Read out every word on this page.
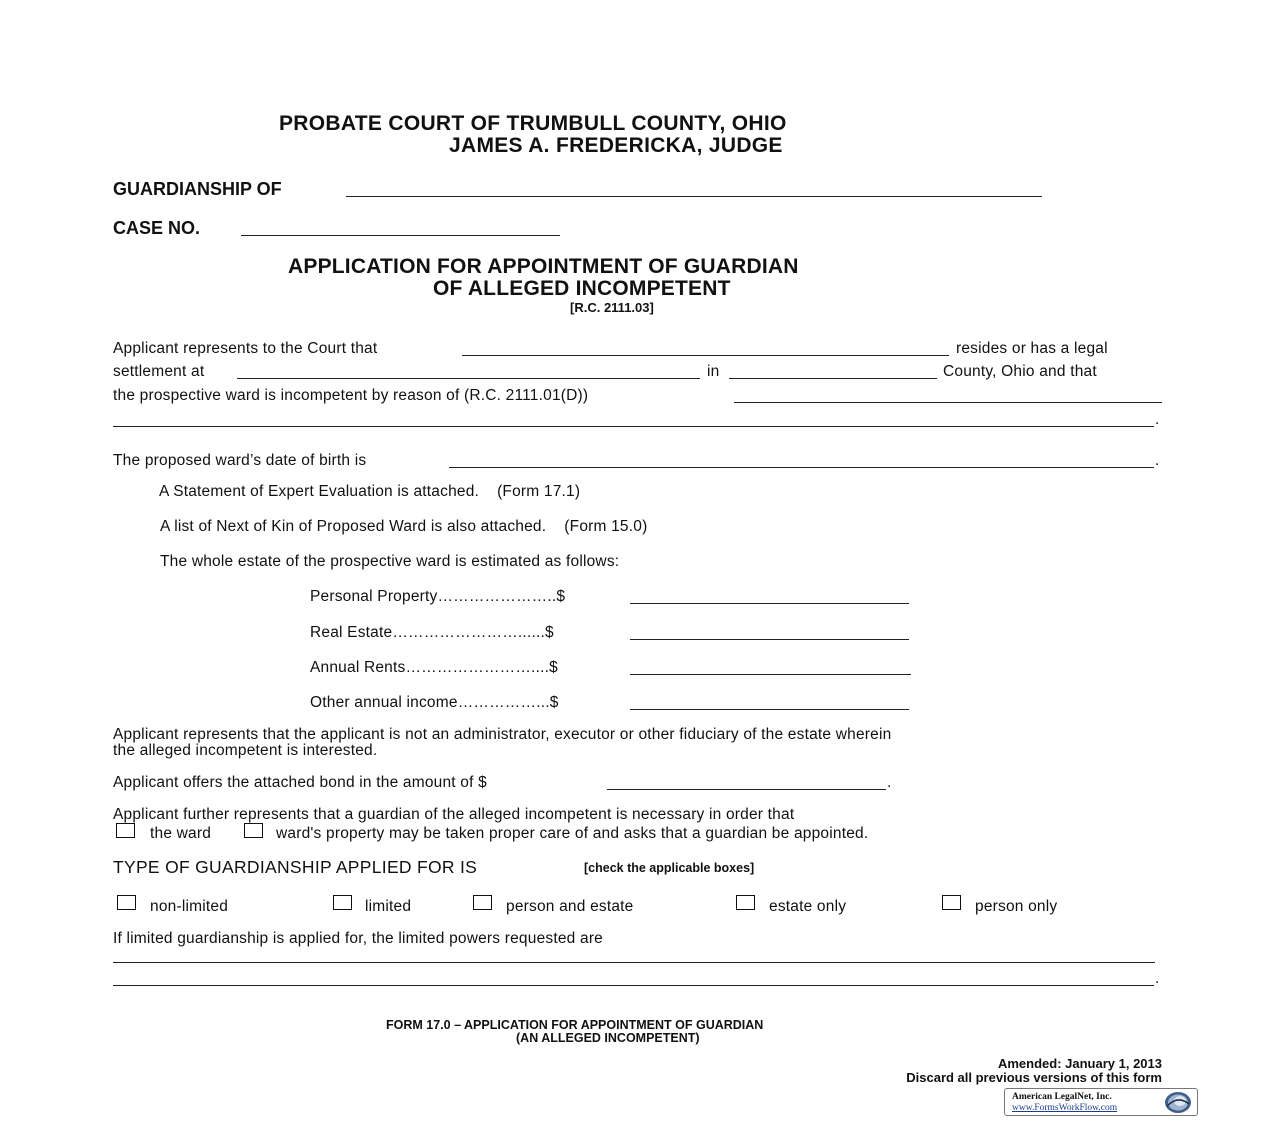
PROBATE COURT OF TRUMBULL COUNTY, OHIO
JAMES A. FREDERICKA, JUDGE
GUARDIANSHIP OF
CASE NO.
APPLICATION FOR APPOINTMENT OF GUARDIAN
OF ALLEGED INCOMPETENT
[R.C. 2111.03]
Applicant represents to the Court that	resides or has a legal
settlement at	in	County, Ohio and that
the prospective ward is incompetent by reason of (R.C. 2111.01(D))
.
The proposed ward’s date of birth is	.
A Statement of Expert Evaluation is attached.    (Form 17.1)
A list of Next of Kin of Proposed Ward is also attached.    (Form 15.0)
The whole estate of the prospective ward is estimated as follows:
Personal Property…………………..$
Real Estate……………………......$
Annual Rents……………………....$
Other annual income……………...$
Applicant represents that the applicant is not an administrator, executor or other fiduciary of the estate wherein
the alleged incompetent is interested.
Applicant offers the attached bond in the amount of $	.
Applicant further represents that a guardian of the alleged incompetent is necessary in order that
the ward	ward's property may be taken proper care of and asks that a guardian be appointed.
TYPE OF GUARDIANSHIP APPLIED FOR IS	[check the applicable boxes]
non-limited	limited	person and estate	estate only	person only
If limited guardianship is applied for, the limited powers requested are
.
FORM 17.0 – APPLICATION FOR APPOINTMENT OF GUARDIAN
(AN ALLEGED INCOMPETENT)
Amended: January 1, 2013
Discard all previous versions of this form
American LegalNet, Inc.
www.FormsWorkFlow.com
